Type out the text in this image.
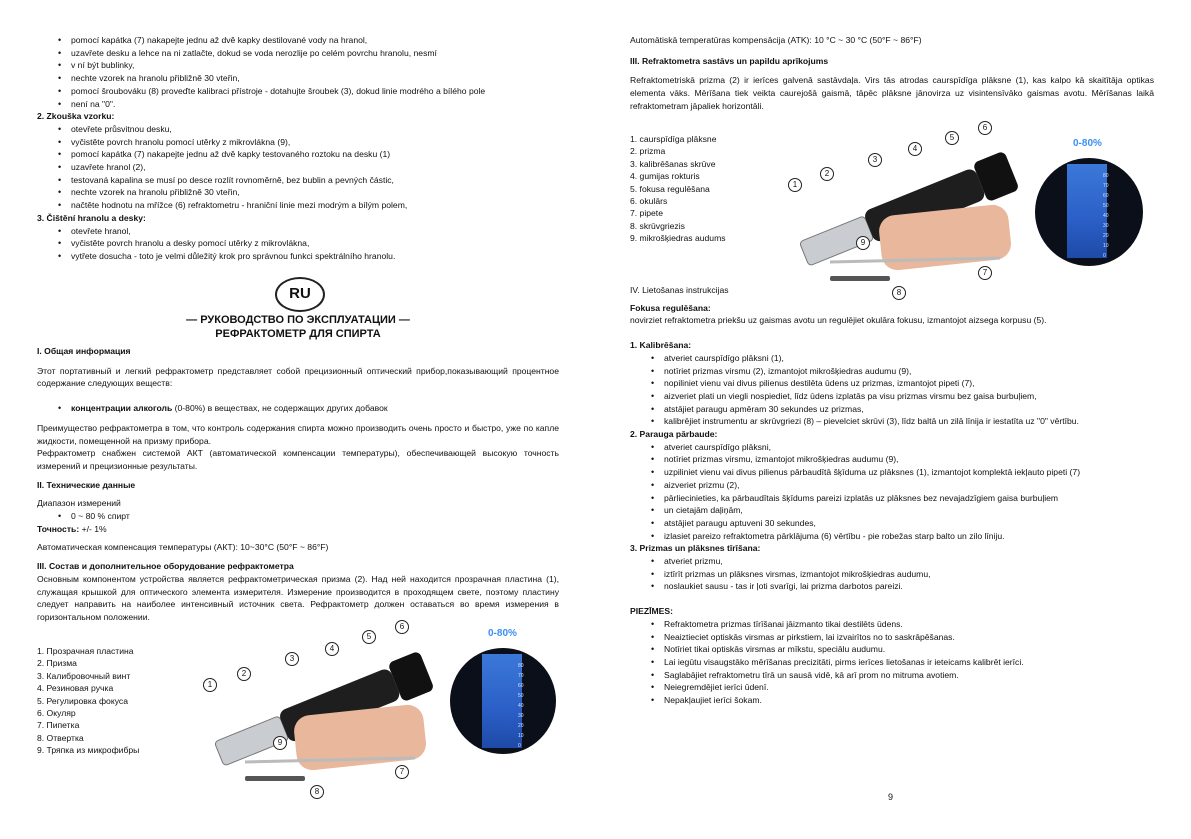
• pomocí kapátka (7) nakapejte jednu až dvě kapky destilované vody na hranol,
• uzavřete desku a lehce na ni zatlačte, dokud se voda nerozlije po celém povrchu hranolu, nesmí
• v ní být bublinky,
• nechte vzorek na hranolu přibližně 30 vteřin,
• pomocí šroubováku (8) proveďte kalibraci přístroje - dotahujte šroubek (3), dokud linie modrého a bílého pole
• není na "0".
2. Zkouška vzorku:
• otevřete průsvitnou desku,
• vyčistěte povrch hranolu pomocí utěrky z mikrovlákna (9),
• pomocí kapátka (7) nakapejte jednu až dvě kapky testovaného roztoku na desku (1)
• uzavřete hranol (2),
• testovaná kapalina se musí po desce rozlít rovnoměrně, bez bublin a pevných částic,
• nechte vzorek na hranolu přibližně 30 vteřin,
• načtěte hodnotu na mřížce (6) refraktometru - hraniční linie mezi modrým a bílým polem,
3. Čištění hranolu a desky:
• otevřete hranol,
• vyčistěte povrch hranolu a desky pomocí utěrky z mikrovlákna,
• vytřete dosucha - toto je velmi důležitý krok pro správnou funkci spektrálního hranolu.
RU
— РУКОВОДСТВО ПО ЭКСПЛУАТАЦИИ —
РЕФРАКТОМЕТР ДЛЯ СПИРТА
I. Общая информация

Этот портативный и легкий рефрактометр представляет собой прецизионный оптический прибор,показывающий процентное содержание следующих веществ:

• концентрации алкоголь (0-80%) в веществах, не содержащих других добавок

Преимущество рефрактометра в том, что контроль содержания спирта можно производить очень просто и быстро, уже по капле жидкости, помещенной на призму прибора.

Рефрактометр снабжен системой АКТ (автоматической компенсации температуры), обеспечивающей высокую точность измерений и прецизионные результаты.

II. Технические данные

Диапазон измерений

• 0 ~ 80 % спирт

Точность: +/- 1%

Автоматическая компенсация температуры (АКТ): 10~30°C (50°F ~ 86°F)

III. Состав и дополнительное оборудование рефрактометра

Основным компонентом устройства является рефрактометрическая призма (2). Над ней находится прозрачная пластина (1), служащая крышкой для оптического элемента измерителя. Измерение производится в проходящем свете, поэтому пластину следует направить на наиболее интенсивный источник света. Рефрактометр должен оставаться во время измерения в горизонтальном положении.

1. Прозрачная пластина
2. Призма
3. Калибровочный винт
4. Резиновая ручка
5. Регулировка фокуса
6. Окуляр
7. Пипетка
8. Отвертка
9. Тряпка из микрофибры
1
2
3
4
5
6
7
8
9
0-80%
80
70
60
50
40
30
20
10
0

Automātiskā temperatūras kompensācija (ATK): 10 °C ~ 30 °C (50°F ~ 86°F)

III. Refraktometra sastāvs un papildu aprīkojums

Refraktometriskā prizma (2) ir ierīces galvenā sastāvdaļa. Virs tās atrodas caurspīdīga plāksne (1), kas kalpo kā skaitītāja optikas elementa vāks. Mērīšana tiek veikta caurejošā gaismā, tāpēc plāksne jānovirza uz visintensīvāko gaismas avotu. Mērīšanas laikā refraktometram jāpaliek horizontāli.

1. caurspīdīga plāksne
2. prizma
3. kalibrēšanas skrūve
4. gumijas rokturis
5. fokusa regulēšana
6. okulārs
7. pipete
8. skrūvgriezis
9. mikrošķiedras audums
1
2
3
4
5
6
7
8
9
0-80%
80
70
60
50
40
30
20
10
0
IV. Lietošanas instrukcijas
Fokusa regulēšana:

novirziet refraktometra priekšu uz gaismas avotu un regulējiet okulāra fokusu, izmantojot aizsega korpusu (5).

1. Kalibrēšana:
• atveriet caurspīdīgo plāksni (1),
• notīriet prizmas virsmu (2), izmantojot mikrošķiedras audumu (9),
• nopiliniet vienu vai divus pilienus destilēta ūdens uz prizmas, izmantojot pipeti (7),
• aizveriet plati un viegli nospiediet, līdz ūdens izplatās pa visu prizmas virsmu bez gaisa burbuļiem,
• atstājiet paraugu apmēram 30 sekundes uz prizmas,
• kalibrējiet instrumentu ar skrūvgriezi (8) – pievelciet skrūvi (3), līdz baltā un zilā līnija ir iestatīta uz "0" vērtību.
2. Parauga pārbaude:
• atveriet caurspīdīgo plāksni,
• notīriet prizmas virsmu, izmantojot mikrošķiedras audumu (9),
• uzpiliniet vienu vai divus pilienus pārbaudītā šķīduma uz plāksnes (1), izmantojot komplektā iekļauto pipeti (7)
• aizveriet prizmu (2),
• pārliecinieties, ka pārbaudītais šķīdums pareizi izplatās uz plāksnes bez nevajadzīgiem gaisa burbuļiem
• un cietajām daļiņām,
• atstājiet paraugu aptuveni 30 sekundes,
• izlasiet pareizo refraktometra pārklājuma (6) vērtību - pie robežas starp balto un zilo līniju.
3. Prizmas un plāksnes tīrīšana:
• atveriet prizmu,
• iztīrīt prizmas un plāksnes virsmas, izmantojot mikrošķiedras audumu,
• noslaukiet sausu - tas ir ļoti svarīgi, lai prizma darbotos pareizi.
PIEZĪMES:
• Refraktometra prizmas tīrīšanai jāizmanto tikai destilēts ūdens.
• Neaiztieciet optiskās virsmas ar pirkstiem, lai izvairītos no to saskrāpēšanas.
• Notīriet tikai optiskās virsmas ar mīkstu, speciālu audumu.
• Lai iegūtu visaugstāko mērīšanas precizitāti, pirms ierīces lietošanas ir ieteicams kalibrēt ierīci.
• Saglabājiet refraktometru tīrā un sausā vidē, kā arī prom no mitruma avotiem.
• Neiegremdējiet ierīci ūdenī.
• Nepakļaujiet ierīci šokam.
9
